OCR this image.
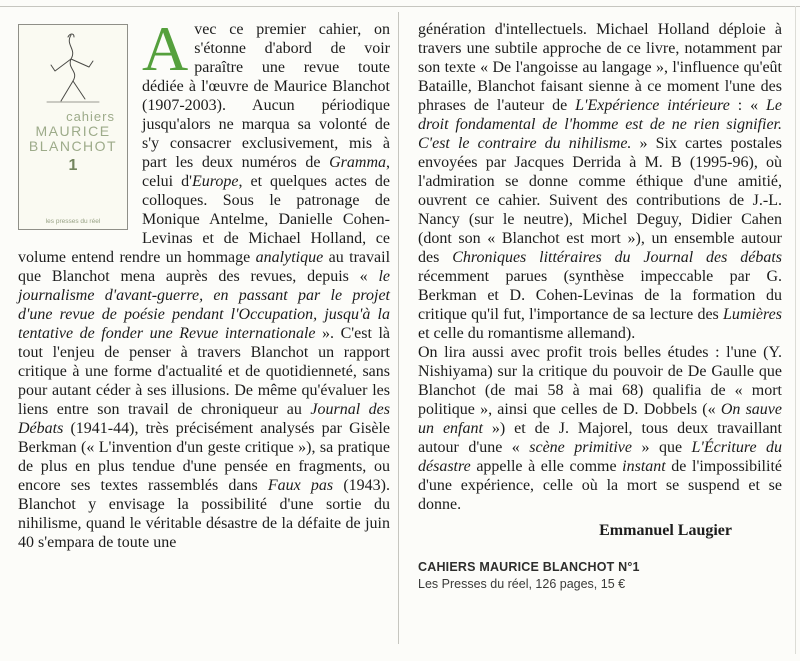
cahiers
MAURICE
BLANCHOT
1
les presses du réel

Avec ce premier cahier, on s'étonne d'abord de voir paraître une revue toute dédiée à l'œuvre de Maurice Blanchot (1907-2003). Aucun périodique jusqu'alors ne marqua sa volonté de s'y consacrer exclusivement, mis à part les deux numéros de Gramma, celui d'Europe, et quelques actes de colloques. Sous le patronage de Monique Antelme, Danielle Cohen-Levinas et de Michael Holland, ce volume entend rendre un hommage analytique au travail que Blanchot mena auprès des revues, depuis « le journalisme d'avant-guerre, en passant par le projet d'une revue de poésie pendant l'Occupation, jusqu'à la tentative de fonder une Revue internationale ». C'est là tout l'enjeu de penser à travers Blanchot un rapport critique à une forme d'actualité et de quotidienneté, sans pour autant céder à ses illusions. De même qu'évaluer les liens entre son travail de chroniqueur au Journal des Débats (1941-44), très précisément analysés par Gisèle Berkman (« L'invention d'un geste critique »), sa pratique de plus en plus tendue d'une pensée en fragments, ou encore ses textes rassemblés dans Faux pas (1943). Blanchot y envisage la possibilité d'une sortie du nihilisme, quand le véritable désastre de la défaite de juin 40 s'empara de toute une

génération d'intellectuels. Michael Holland déploie à travers une subtile approche de ce livre, notamment par son texte « De l'angoisse au langage », l'influence qu'eût Bataille, Blanchot faisant sienne à ce moment l'une des phrases de l'auteur de L'Expérience intérieure : « Le droit fondamental de l'homme est de ne rien signifier. C'est le contraire du nihilisme. » Six cartes postales envoyées par Jacques Derrida à M. B (1995-96), où l'admiration se donne comme éthique d'une amitié, ouvrent ce cahier. Suivent des contributions de J.-L. Nancy (sur le neutre), Michel Deguy, Didier Cahen (dont son « Blanchot est mort »), un ensemble autour des Chroniques littéraires du Journal des débats récemment parues (synthèse impeccable par G. Berkman et D. Cohen-Levinas de la formation du critique qu'il fut, l'importance de sa lecture des Lumières et celle du romantisme allemand).

On lira aussi avec profit trois belles études : l'une (Y. Nishiyama) sur la critique du pouvoir de De Gaulle que Blanchot (de mai 58 à mai 68) qualifia de « mort politique », ainsi que celles de D. Dobbels (« On sauve un enfant ») et de J. Majorel, tous deux travaillant autour d'une « scène primitive » que L'Écriture du désastre appelle à elle comme instant de l'impossibilité d'une expérience, celle où la mort se suspend et se donne.

Emmanuel Laugier
CAHIERS MAURICE BLANCHOT N°1
Les Presses du réel, 126 pages, 15 €
